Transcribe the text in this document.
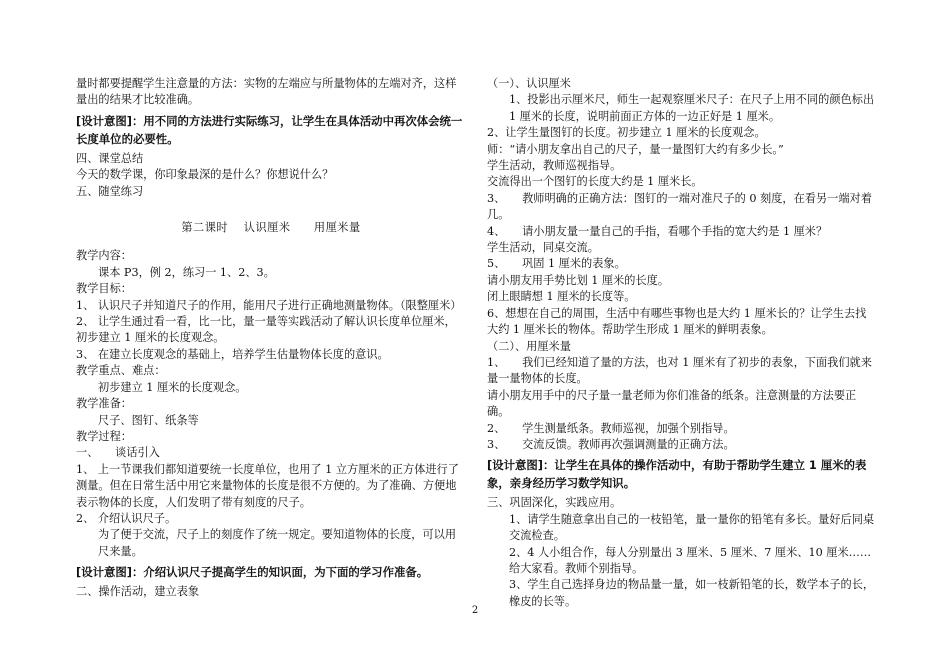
量时都要提醒学生注意量的方法：实物的左端应与所量物体的左端对齐，这样量出的结果才比较准确。

[设计意图]：用不同的方法进行实际练习，让学生在具体活动中再次体会统一长度单位的必要性。

四、课堂总结

今天的数学课，你印象最深的是什么？你想说什么？

五、随堂练习

第二课时　 认识厘米　　用厘米量

教学内容：

课本 P3，例 2，练习一 1、2、3。

教学目标：

1、 认识尺子并知道尺子的作用，能用尺子进行正确地测量物体。（限整厘米）

2、 让学生通过看一看，比一比，量一量等实践活动了解认识长度单位厘米，初步建立 1 厘米的长度观念。

3、 在建立长度观念的基础上，培养学生估量物体长度的意识。

教学重点、难点：

初步建立 1 厘米的长度观念。

教学准备：

尺子、图钉、纸条等

教学过程：

一、　　谈话引入

1、 上一节课我们都知道要统一长度单位，也用了 1 立方厘米的正方体进行了测量。但在日常生活中用它来量物体的长度是很不方便的。为了准确、方便地表示物体的长度，人们发明了带有刻度的尺子。

2、 介绍认识尺子。

为了便于交流，尺子上的刻度作了统一规定。要知道物体的长度，可以用尺来量。

[设计意图]：介绍认识尺子提高学生的知识面，为下面的学习作准备。

二、操作活动，建立表象

（一）、认识厘米

1、投影出示厘米尺，师生一起观察厘米尺子：在尺子上用不同的颜色标出 1 厘米的长度，说明前面正方体的一边正好是 1 厘米。

2、让学生量图钉的长度。初步建立 1 厘米的长度观念。

师：“请小朋友拿出自己的尺子，量一量图钉大约有多少长。”

学生活动，教师巡视指导。

交流得出一个图钉的长度大约是 1 厘米长。

3、　　教师明确的正确方法：图钉的一端对准尺子的 0 刻度，在看另一端对着几。

4、　　请小朋友量一量自己的手指，看哪个手指的宽大约是 1 厘米？

学生活动，同桌交流。

5、　　巩固 1 厘米的表象。

请小朋友用手势比划 1 厘米的长度。

闭上眼睛想 1 厘米的长度等。

6、想想在自己的周围，生活中有哪些事物也是大约 1 厘米长的？让学生去找大约 1 厘米长的物体。帮助学生形成 1 厘米的鲜明表象。

（二）、用厘米量

1、　　我们已经知道了量的方法，也对 1 厘米有了初步的表象，下面我们就来量一量物体的长度。

请小朋友用手中的尺子量一量老师为你们准备的纸条。注意测量的方法要正确。

2、　　学生测量纸条。教师巡视，加强个别指导。

3、　　交流反馈。教师再次强调测量的正确方法。

[设计意图]：让学生在具体的操作活动中，有助于帮助学生建立 1 厘米的表象，亲身经历学习数学知识。

三、巩固深化，实践应用。

1、请学生随意拿出自己的一枝铅笔，量一量你的铅笔有多长。量好后同桌交流检查。

2、4 人小组合作，每人分别量出 3 厘米、5 厘米、7 厘米、10 厘米……给大家看。教师个别指导。

3、学生自己选择身边的物品量一量，如一枝新铅笔的长，数学本子的长，橡皮的长等。

2
